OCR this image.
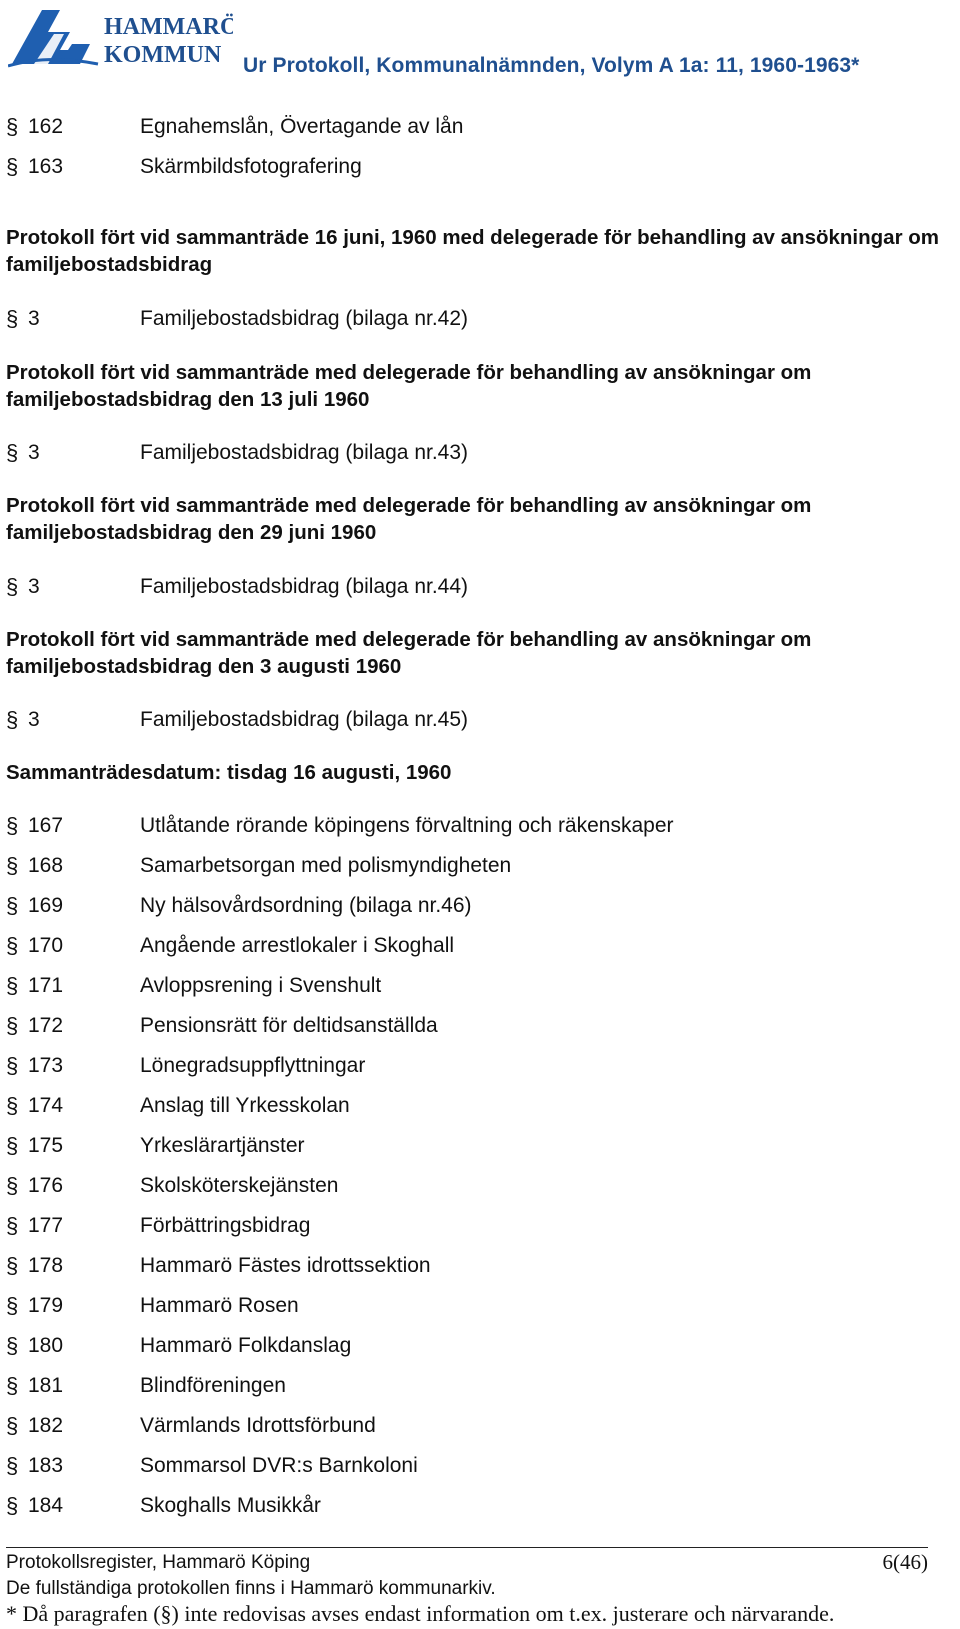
HAMMARÖ
KOMMUN Ur Protokoll, Kommunalnämnden, Volym A 1a: 11, 1960-1963*
§ 162	Egnahemslån, Övertagande av lån
§ 163	Skärmbildsfotografering
Protokoll fört vid sammanträde 16 juni, 1960 med delegerade för behandling av ansökningar om familjebostadsbidrag
§ 3	Familjebostadsbidrag (bilaga nr.42)
Protokoll fört vid sammanträde med delegerade för behandling av ansökningar om familjebostadsbidrag den 13 juli 1960
§ 3	Familjebostadsbidrag (bilaga nr.43)
Protokoll fört vid sammanträde med delegerade för behandling av ansökningar om familjebostadsbidrag den 29 juni 1960
§ 3	Familjebostadsbidrag (bilaga nr.44)
Protokoll fört vid sammanträde med delegerade för behandling av ansökningar om familjebostadsbidrag den 3 augusti 1960
§ 3	Familjebostadsbidrag (bilaga nr.45)
Sammanträdesdatum: tisdag 16 augusti, 1960
§ 167	Utlåtande rörande köpingens förvaltning och räkenskaper
§ 168	Samarbetsorgan med polismyndigheten
§ 169	Ny hälsovårdsordning (bilaga nr.46)
§ 170	Angående arrestlokaler i Skoghall
§ 171	Avloppsrening i Svenshult
§ 172	Pensionsrätt för deltidsanställda
§ 173	Lönegradsuppflyttningar
§ 174	Anslag till Yrkesskolan
§ 175	Yrkeslärartjänster
§ 176	Skolsköterskejänsten
§ 177	Förbättringsbidrag
§ 178	Hammarö Fästes idrottssektion
§ 179	Hammarö Rosen
§ 180	Hammarö Folkdanslag
§ 181	Blindföreningen
§ 182	Värmlands Idrottsförbund
§ 183	Sommarsol DVR:s Barnkoloni
§ 184	Skoghalls Musikkår
Protokollsregister, Hammarö Köping	6(46)
De fullständiga protokollen finns i Hammarö kommunarkiv.
* Då paragrafen (§) inte redovisas avses endast information om t.ex. justerare och närvarande.
